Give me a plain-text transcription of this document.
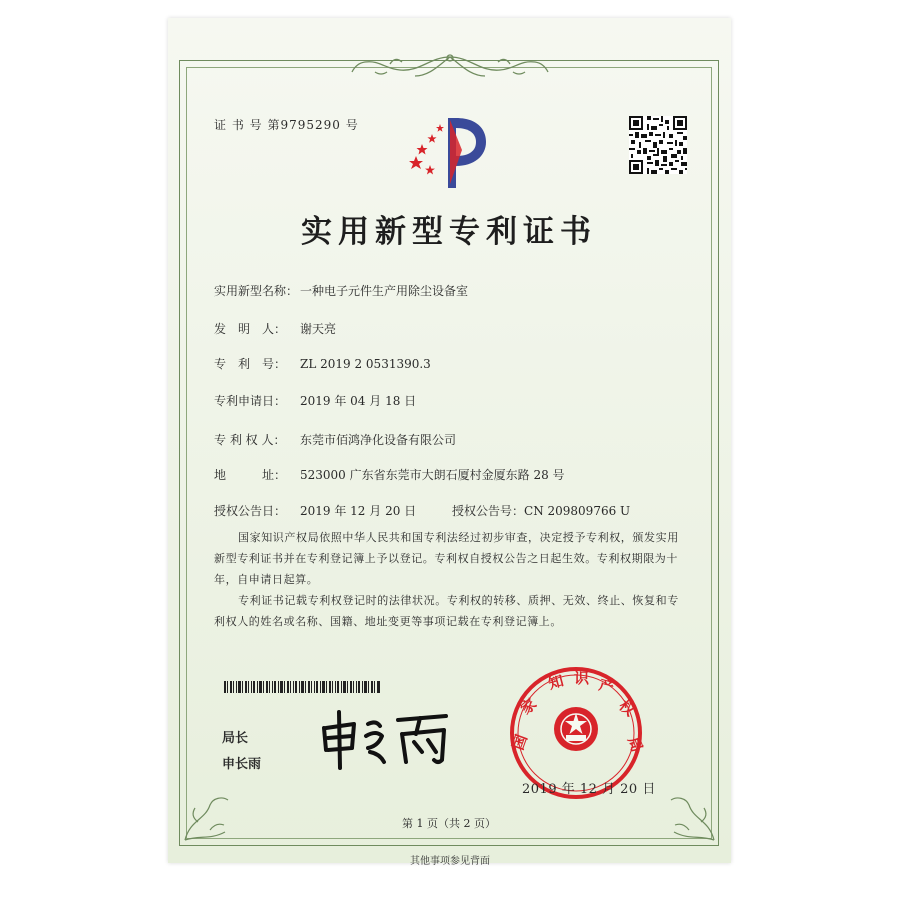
证 书 号 第9795290 号
实用新型专利证书
实用新型名称： 一种电子元件生产用除尘设备室
发　明　人： 谢天亮
专　利　号： ZL 2019 2 0531390.3
专利申请日： 2019 年 04 月 18 日
专 利 权 人： 东莞市佰鸿净化设备有限公司
地　　　址： 523000 广东省东莞市大朗石厦村金厦东路 28 号
授权公告日： 2019 年 12 月 20 日	授权公告号：CN 209809766 U
国家知识产权局依照中华人民共和国专利法经过初步审查，决定授予专利权，颁发实用新型专利证书并在专利登记簿上予以登记。专利权自授权公告之日起生效。专利权期限为十年，自申请日起算。
专利证书记载专利权登记时的法律状况。专利权的转移、质押、无效、终止、恢复和专利权人的姓名或名称、国籍、地址变更等事项记载在专利登记簿上。
局长
申长雨
国
家
知 识 产
权
局
2019 年 12 月 20 日
第 1 页（共 2 页）
其他事项参见背面
